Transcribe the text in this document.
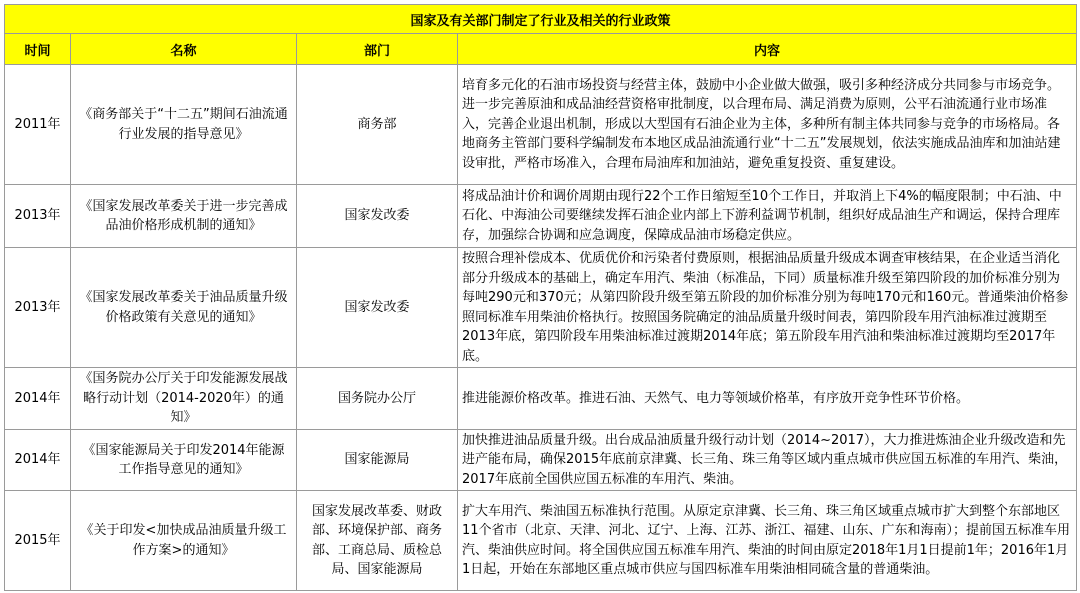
国家及有关部门制定了行业及相关的行业政策			
时间	名称	部门	内容
2011年	《商务部关于“十二五”期间石油流通行业发展的指导意见》	商务部	培育多元化的石油市场投资与经营主体，鼓励中小企业做大做强，吸引多种经济成分共同参与市场竞争。进一步完善原油和成品油经营资格审批制度，以合理布局、满足消费为原则，公平石油流通行业市场准入，完善企业退出机制，形成以大型国有石油企业为主体，多种所有制主体共同参与竞争的市场格局。各地商务主管部门要科学编制发布本地区成品油流通行业“十二五”发展规划，依法实施成品油库和加油站建设审批，严格市场准入，合理布局油库和加油站，避免重复投资、重复建设。
2013年	《国家发展改革委关于进一步完善成品油价格形成机制的通知》	国家发改委	将成品油计价和调价周期由现行22个工作日缩短至10个工作日，并取消上下4%的幅度限制；中石油、中石化、中海油公司要继续发挥石油企业内部上下游利益调节机制，组织好成品油生产和调运，保持合理库存，加强综合协调和应急调度，保障成品油市场稳定供应。
2013年	《国家发展改革委关于油品质量升级价格政策有关意见的通知》	国家发改委	按照合理补偿成本、优质优价和污染者付费原则，根据油品质量升级成本调查审核结果，在企业适当消化部分升级成本的基础上，确定车用汽、柴油（标准品，下同）质量标准升级至第四阶段的加价标准分别为每吨290元和370元；从第四阶段升级至第五阶段的加价标准分别为每吨170元和160元。普通柴油价格参照同标准车用柴油价格执行。按照国务院确定的油品质量升级时间表，第四阶段车用汽油标准过渡期至2013年底，第四阶段车用柴油标准过渡期2014年底；第五阶段车用汽油和柴油标准过渡期均至2017年底。
2014年	《国务院办公厅关于印发能源发展战略行动计划（2014-2020年）的通知》	国务院办公厅	推进能源价格改革。推进石油、天然气、电力等领域价格革，有序放开竞争性环节价格。
2014年	《国家能源局关于印发2014年能源工作指导意见的通知》	国家能源局	加快推进油品质量升级。出台成品油质量升级行动计划（2014~2017），大力推进炼油企业升级改造和先进产能布局，确保2015年底前京津冀、长三角、珠三角等区域内重点城市供应国五标准的车用汽、柴油，2017年底前全国供应国五标准的车用汽、柴油。
2015年	《关于印发<加快成品油质量升级工作方案>的通知》	国家发展改革委、财政部、环境保护部、商务部、工商总局、质检总局、国家能源局	扩大车用汽、柴油国五标准执行范围。从原定京津冀、长三角、珠三角区域重点城市扩大到整个东部地区11个省市（北京、天津、河北、辽宁、上海、江苏、浙江、福建、山东、广东和海南）；提前国五标准车用汽、柴油供应时间。将全国供应国五标准车用汽、柴油的时间由原定2018年1月1日提前1年；2016年1月1日起，开始在东部地区重点城市供应与国四标准车用柴油相同硫含量的普通柴油。
